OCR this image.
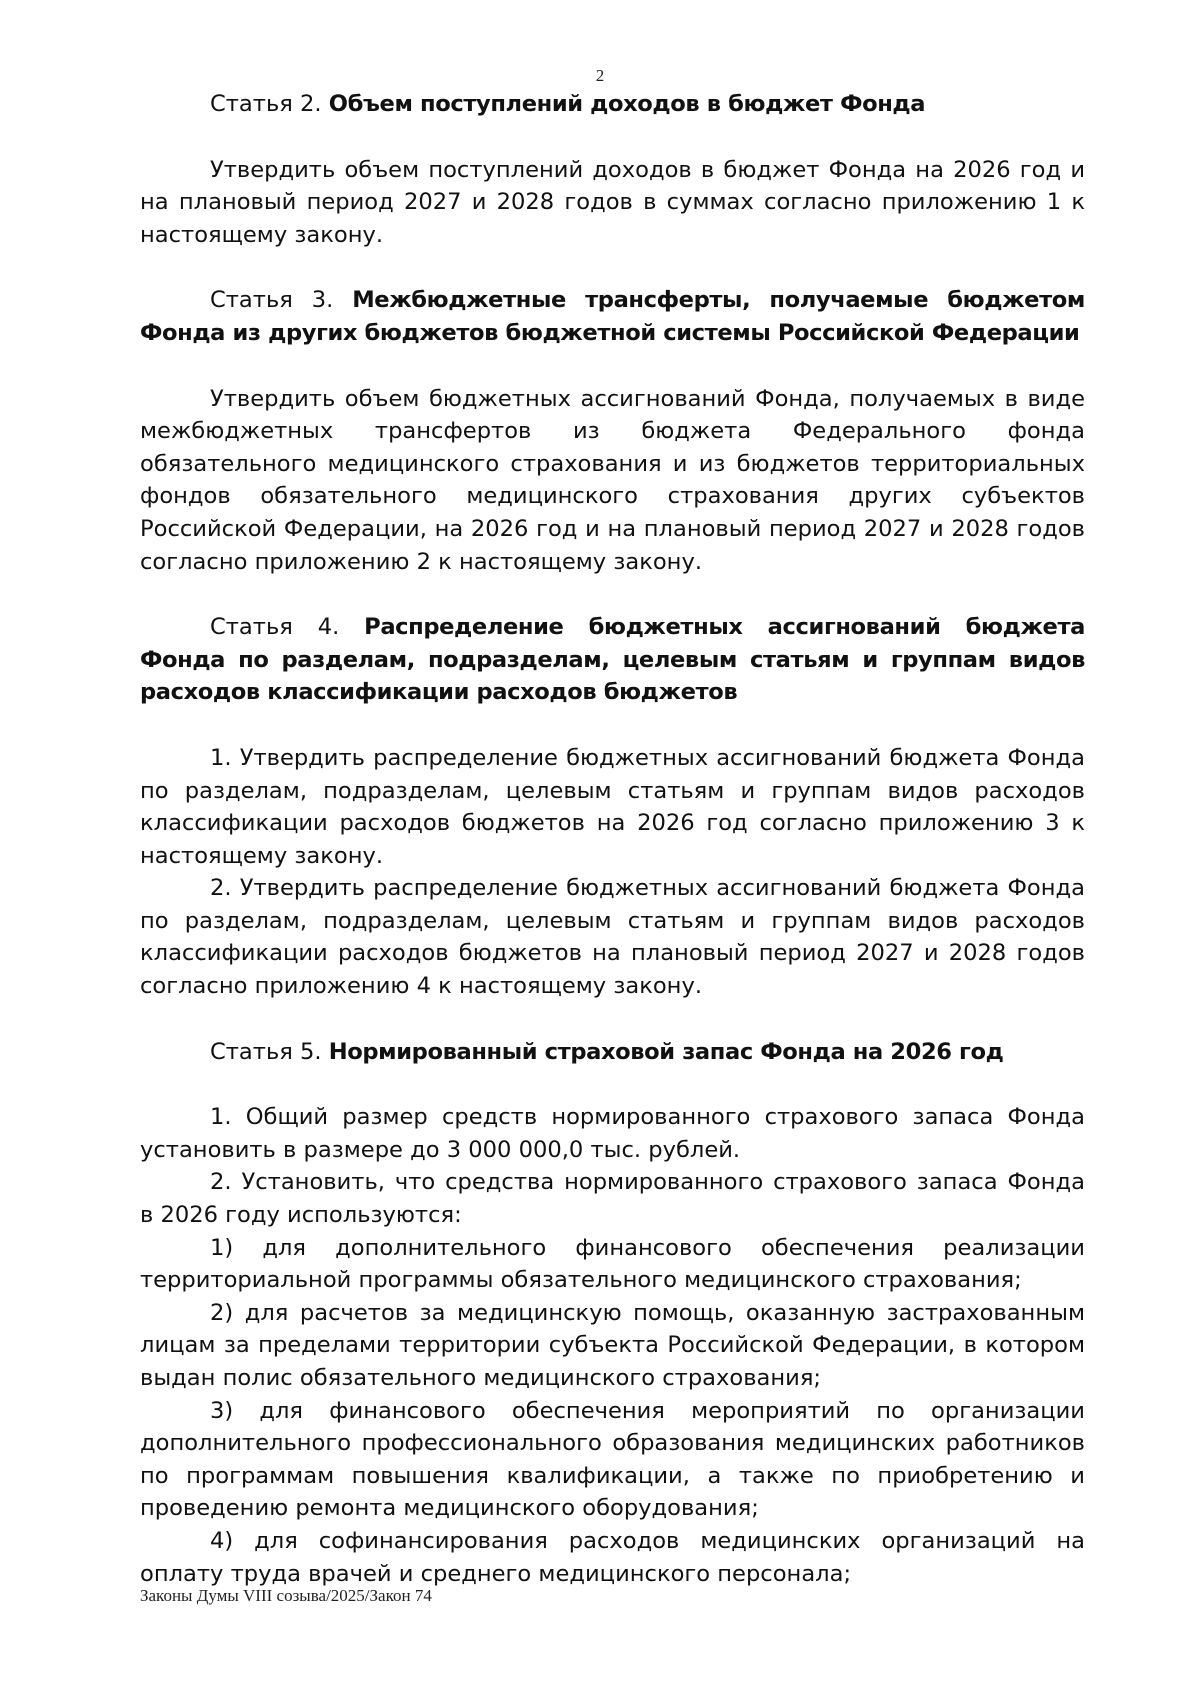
2

Статья 2. Объем поступлений доходов в бюджет Фонда

Утвердить объем поступлений доходов в бюджет Фонда на 2026 год и на плановый период 2027 и 2028 годов в суммах согласно приложению 1 к настоящему закону.

Статья 3. Межбюджетные трансферты, получаемые бюджетом Фонда из других бюджетов бюджетной системы Российской Федерации

Утвердить объем бюджетных ассигнований Фонда, получаемых в виде межбюджетных трансфертов из бюджета Федерального фонда обязательного медицинского страхования и из бюджетов территориальных фондов обязательного медицинского страхования других субъектов Российской Федерации, на 2026 год и на плановый период 2027 и 2028 годов согласно приложению 2 к настоящему закону.

Статья 4. Распределение бюджетных ассигнований бюджета Фонда по разделам, подразделам, целевым статьям и группам видов расходов классификации расходов бюджетов

1. Утвердить распределение бюджетных ассигнований бюджета Фонда по разделам, подразделам, целевым статьям и группам видов расходов классификации расходов бюджетов на 2026 год согласно приложению 3 к настоящему закону.

2. Утвердить распределение бюджетных ассигнований бюджета Фонда по разделам, подразделам, целевым статьям и группам видов расходов классификации расходов бюджетов на плановый период 2027 и 2028 годов согласно приложению 4 к настоящему закону.

Статья 5. Нормированный страховой запас Фонда на 2026 год

1. Общий размер средств нормированного страхового запаса Фонда установить в размере до 3 000 000,0 тыс. рублей.

2. Установить, что средства нормированного страхового запаса Фонда в 2026 году используются:

1) для дополнительного финансового обеспечения реализации территориальной программы обязательного медицинского страхования;

2) для расчетов за медицинскую помощь, оказанную застрахованным лицам за пределами территории субъекта Российской Федерации, в котором выдан полис обязательного медицинского страхования;

3) для финансового обеспечения мероприятий по организации дополнительного профессионального образования медицинских работников по программам повышения квалификации, а также по приобретению и проведению ремонта медицинского оборудования;

4) для софинансирования расходов медицинских организаций на оплату труда врачей и среднего медицинского персонала;

Законы Думы VIII созыва/2025/Закон 74
